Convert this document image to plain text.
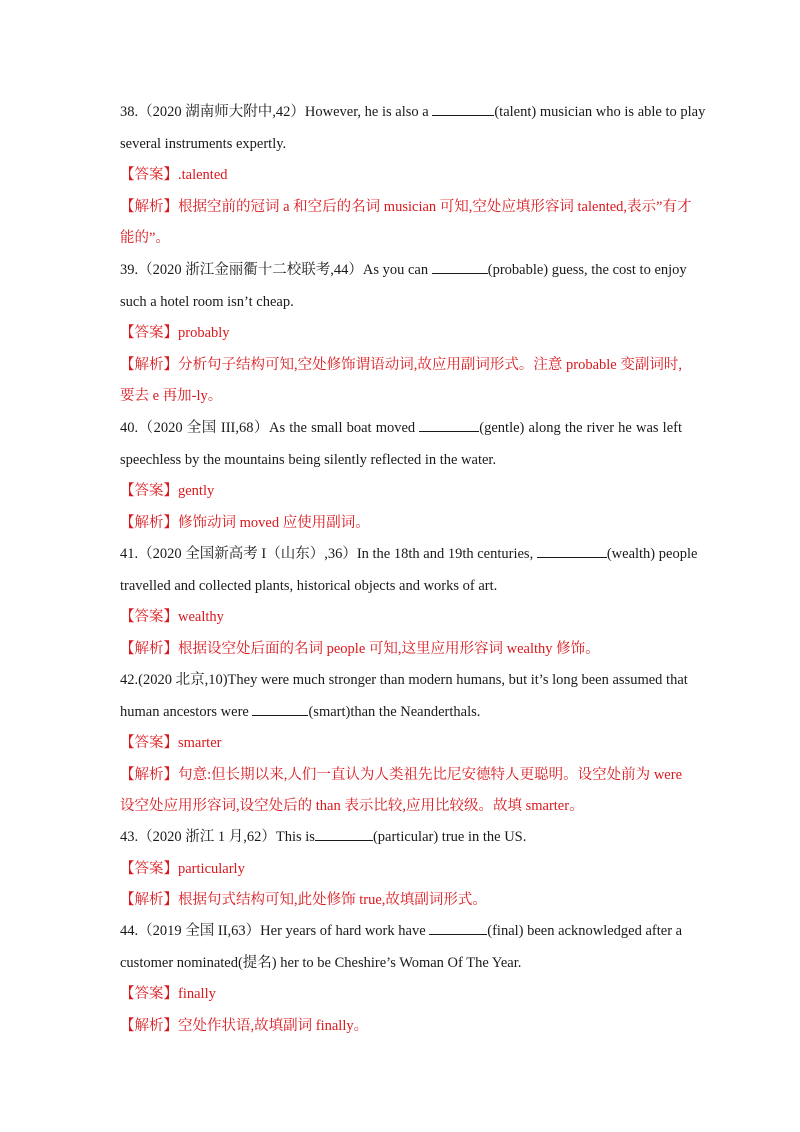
38.（2020 湖南师大附中,42）However, he is also a	(talent) musician who is able to play
several instruments expertly.
【答案】.talented
【解析】根据空前的冠词 a 和空后的名词 musician 可知,空处应填形容词 talented,表示”有才
能的”。
39.（2020 浙江金丽衢十二校联考,44）As you can	(probable) guess, the cost to enjoy
such a hotel room isn’t cheap.
【答案】probably
【解析】分析句子结构可知,空处修饰谓语动词,故应用副词形式。注意 probable 变副词时,
要去 e 再加-ly。
40.（2020 全国 III,68）As the small boat moved	(gentle) along the river he was left
speechless by the mountains being silently reflected in the water.
【答案】gently
【解析】修饰动词 moved 应使用副词。
41.（2020 全国新高考 I（山东）,36）In the 18th and 19th centuries,	(wealth) people
travelled and collected plants, historical objects and works of art.
【答案】wealthy
【解析】根据设空处后面的名词 people 可知,这里应用形容词 wealthy 修饰。
42.(2020 北京,10)They were much stronger than modern humans, but it’s long been assumed that
human ancestors were	(smart)than the Neanderthals.
【答案】smarter
【解析】句意:但长期以来,人们一直认为人类祖先比尼安德特人更聪明。设空处前为 were
设空处应用形容词,设空处后的 than 表示比较,应用比较级。故填 smarter。
43.（2020 浙江 1 月,62）This is	(particular) true in the US.
【答案】particularly
【解析】根据句式结构可知,此处修饰 true,故填副词形式。
44.（2019 全国 II,63）Her years of hard work have	(final) been acknowledged after a
customer nominated(提名) her to be Cheshire’s Woman Of The Year.
【答案】finally
【解析】空处作状语,故填副词 finally。
